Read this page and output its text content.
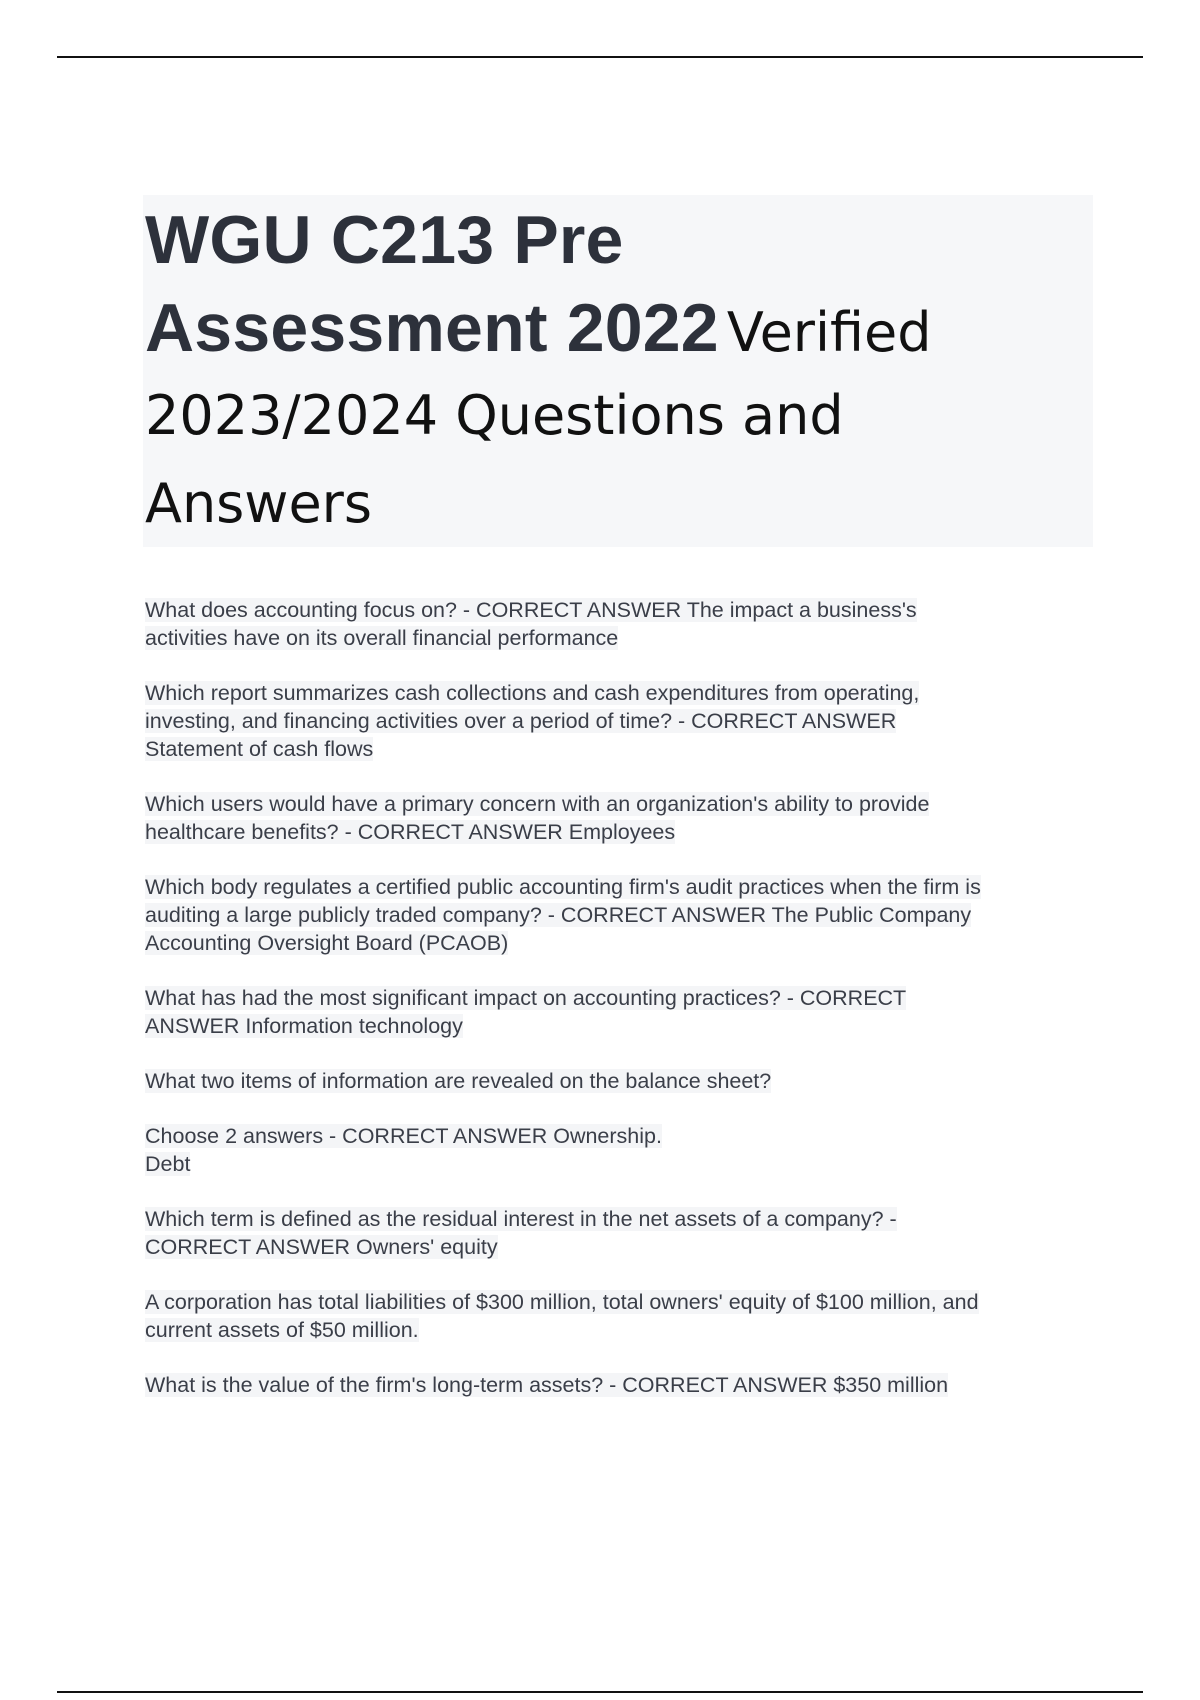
WGU C213 Pre
Assessment 2022 Verified
2023/2024 Questions and
Answers

What does accounting focus on? - CORRECT ANSWER The impact a business's
activities have on its overall financial performance

Which report summarizes cash collections and cash expenditures from operating,
investing, and financing activities over a period of time? - CORRECT ANSWER
Statement of cash flows

Which users would have a primary concern with an organization's ability to provide
healthcare benefits? - CORRECT ANSWER Employees

Which body regulates a certified public accounting firm's audit practices when the firm is
auditing a large publicly traded company? - CORRECT ANSWER The Public Company
Accounting Oversight Board (PCAOB)

What has had the most significant impact on accounting practices? - CORRECT
ANSWER Information technology

What two items of information are revealed on the balance sheet?

Choose 2 answers - CORRECT ANSWER Ownership.
Debt

Which term is defined as the residual interest in the net assets of a company? -
CORRECT ANSWER Owners' equity

A corporation has total liabilities of $300 million, total owners' equity of $100 million, and
current assets of $50 million.

What is the value of the firm's long-term assets? - CORRECT ANSWER $350 million
